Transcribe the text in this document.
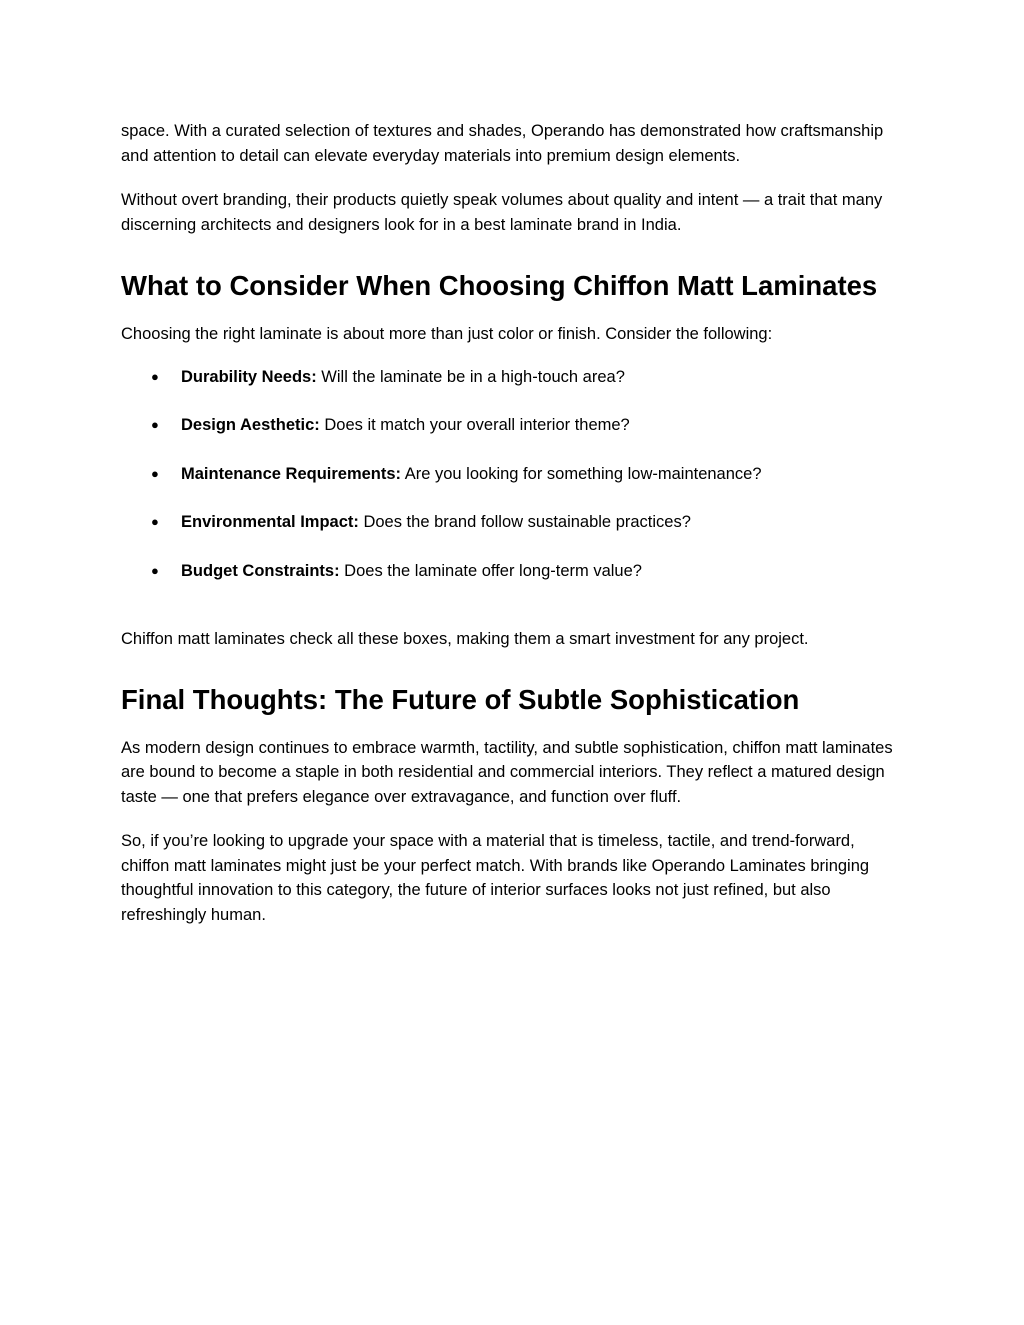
space. With a curated selection of textures and shades, Operando has demonstrated how craftsmanship and attention to detail can elevate everyday materials into premium design elements.

Without overt branding, their products quietly speak volumes about quality and intent — a trait that many discerning architects and designers look for in a best laminate brand in India.

What to Consider When Choosing Chiffon Matt Laminates

Choosing the right laminate is about more than just color or finish. Consider the following:

● Durability Needs: Will the laminate be in a high-touch area?
● Design Aesthetic: Does it match your overall interior theme?
● Maintenance Requirements: Are you looking for something low-maintenance?
● Environmental Impact: Does the brand follow sustainable practices?
● Budget Constraints: Does the laminate offer long-term value?

Chiffon matt laminates check all these boxes, making them a smart investment for any project.

Final Thoughts: The Future of Subtle Sophistication

As modern design continues to embrace warmth, tactility, and subtle sophistication, chiffon matt laminates are bound to become a staple in both residential and commercial interiors. They reflect a matured design taste — one that prefers elegance over extravagance, and function over fluff.

So, if you’re looking to upgrade your space with a material that is timeless, tactile, and trend-forward, chiffon matt laminates might just be your perfect match. With brands like Operando Laminates bringing thoughtful innovation to this category, the future of interior surfaces looks not just refined, but also refreshingly human.
